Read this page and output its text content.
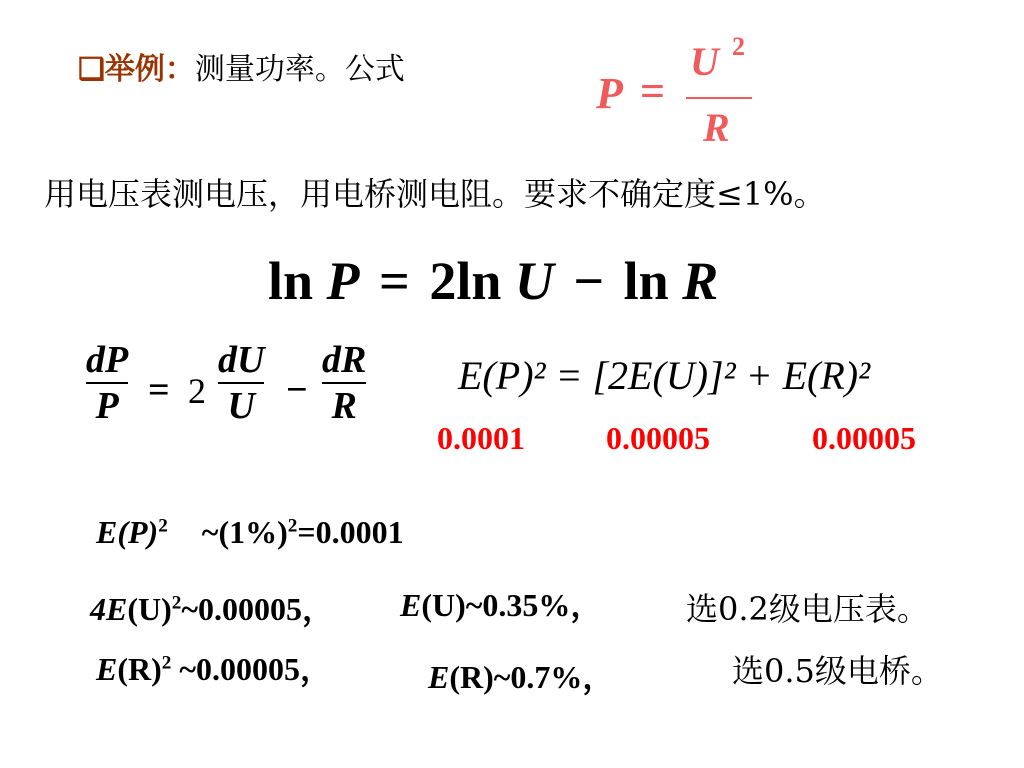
❑举例：测量功率。公式	P =
U 2
R
用电压表测电压，用电桥测电阻。要求不确定度≤1%。
ln P = 2ln U − ln R
dP
P = 2
dU
U −
dR
R
E(P)² = [2E(U)]² + E(R)²
0.0001	0.00005	0.00005
$E(P)^2$ $\sim(1\%)^2=0.0001$
$4E(U)^2\sim 0.00005$， E(U)~0.35%，	选0.2级电压表。
$E(R)^2$ ~0.00005，	E(R)~0.7%，	选0.5级电桥。
